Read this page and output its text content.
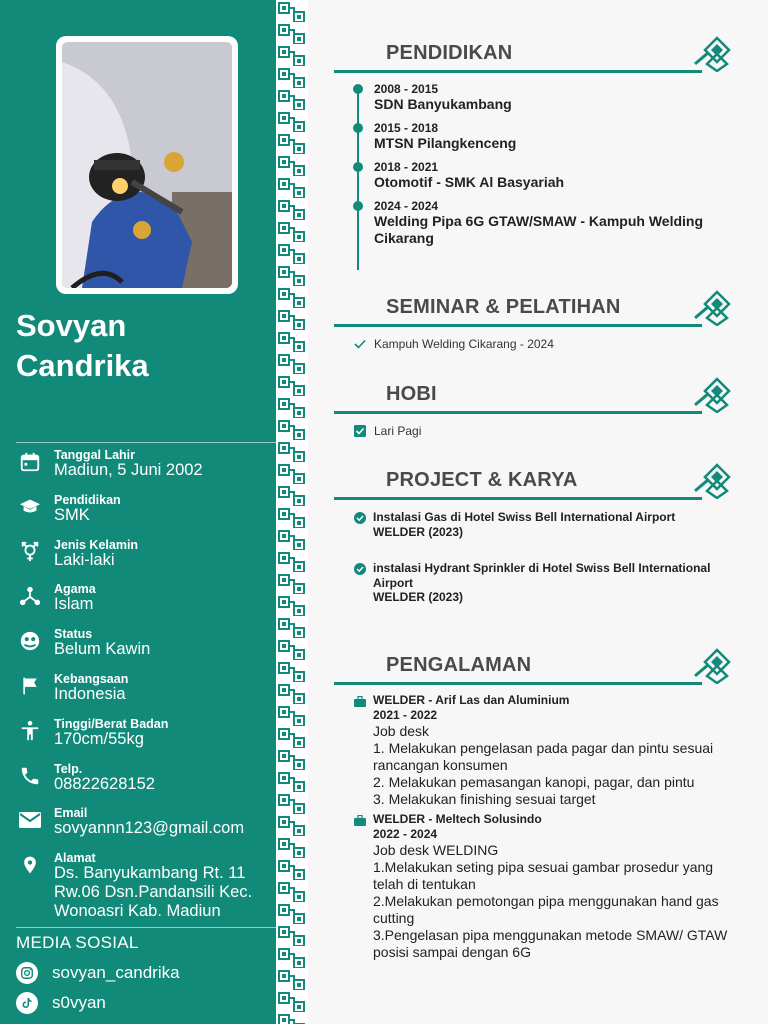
Sovyan
Candrika
Tanggal Lahir
Madiun, 5 Juni 2002
Pendidikan
SMK
Jenis Kelamin
Laki-laki
Agama
Islam
Status
Belum Kawin
Kebangsaan
Indonesia
Tinggi/Berat Badan
170cm/55kg
Telp.
08822628152
Email
sovyannn123@gmail.com
Alamat
Ds. Banyukambang Rt. 11 Rw.06 Dsn.Pandansili Kec. Wonoasri Kab. Madiun
MEDIA SOSIAL
sovyan_candrika
s0vyan
PENDIDIKAN
2008 - 2015
SDN Banyukambang
2015 - 2018
MTSN Pilangkenceng
2018 - 2021
Otomotif - SMK Al Basyariah
2024 - 2024
Welding Pipa 6G GTAW/SMAW - Kampuh Welding Cikarang
SEMINAR & PELATIHAN
Kampuh Welding Cikarang - 2024
HOBI
Lari Pagi
PROJECT & KARYA
Instalasi Gas di Hotel Swiss Bell International Airport
WELDER (2023)
instalasi Hydrant Sprinkler di Hotel Swiss Bell International Airport
WELDER (2023)
PENGALAMAN
WELDER - Arif Las dan Aluminium
2021 - 2022
Job desk
1. Melakukan pengelasan pada pagar dan pintu sesuai rancangan konsumen
2. Melakukan pemasangan kanopi, pagar, dan pintu
3. Melakukan finishing sesuai target
WELDER - Meltech Solusindo
2022 - 2024
Job desk WELDING
1.Melakukan seting pipa sesuai gambar prosedur yang telah di tentukan
2.Melakukan pemotongan pipa menggunakan hand gas cutting
3.Pengelasan pipa menggunakan metode SMAW/ GTAW posisi sampai dengan 6G
